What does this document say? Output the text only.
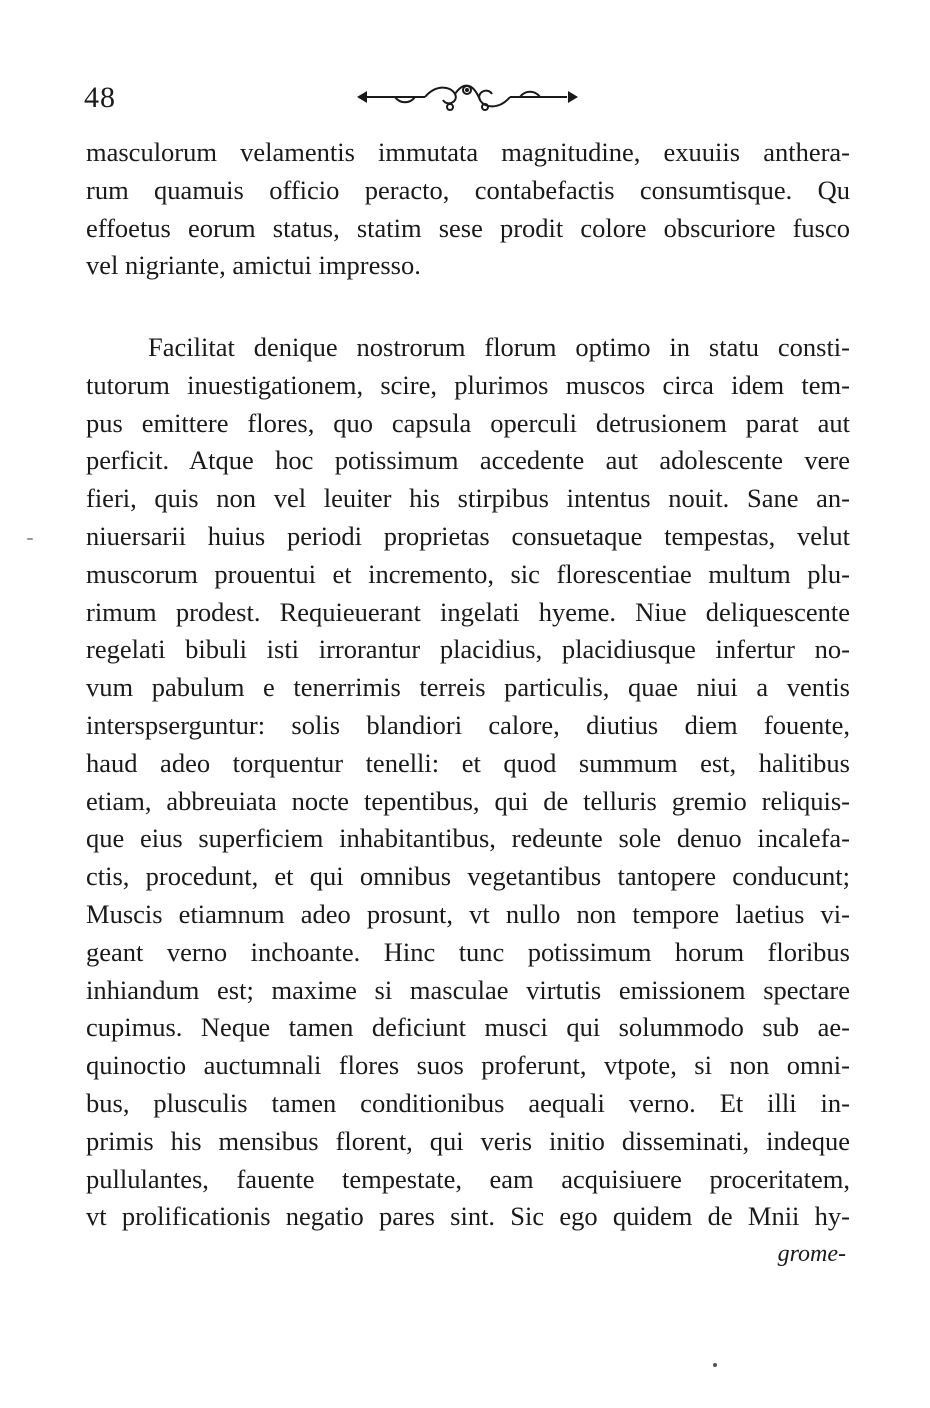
48
masculorum velamentis immutata magnitudine, exuuiis anthera-
rum quamuis officio peracto, contabefactis consumtisque. Qu
effoetus eorum status, statim sese prodit colore obscuriore fusco
vel nigriante, amictui impresso.
Facilitat denique nostrorum florum optimo in statu consti-
tutorum inuestigationem, scire, plurimos muscos circa idem tem-
pus emittere flores, quo capsula operculi detrusionem parat aut
perficit. Atque hoc potissimum accedente aut adolescente vere
fieri, quis non vel leuiter his stirpibus intentus nouit. Sane an-
niuersarii huius periodi proprietas consuetaque tempestas, velut
muscorum prouentui et incremento, sic florescentiae multum plu-
rimum prodest. Requieuerant ingelati hyeme. Niue deliquescente
regelati bibuli isti irrorantur placidius, placidiusque infertur no-
vum pabulum e tenerrimis terreis particulis, quae niui a ventis
interspserguntur: solis blandiori calore, diutius diem fouente,
haud adeo torquentur tenelli: et quod summum est, halitibus
etiam, abbreuiata nocte tepentibus, qui de telluris gremio reliquis-
que eius superficiem inhabitantibus, redeunte sole denuo incalefa-
ctis, procedunt, et qui omnibus vegetantibus tantopere conducunt;
Muscis etiamnum adeo prosunt, vt nullo non tempore laetius vi-
geant verno inchoante. Hinc tunc potissimum horum floribus
inhiandum est; maxime si masculae virtutis emissionem spectare
cupimus. Neque tamen deficiunt musci qui solummodo sub ae-
quinoctio auctumnali flores suos proferunt, vtpote, si non omni-
bus, plusculis tamen conditionibus aequali verno. Et illi in-
primis his mensibus florent, qui veris initio disseminati, indeque
pullulantes, fauente tempestate, eam acquisiuere proceritatem,
vt prolificationis negatio pares sint. Sic ego quidem de Mnii hy-
grome-
